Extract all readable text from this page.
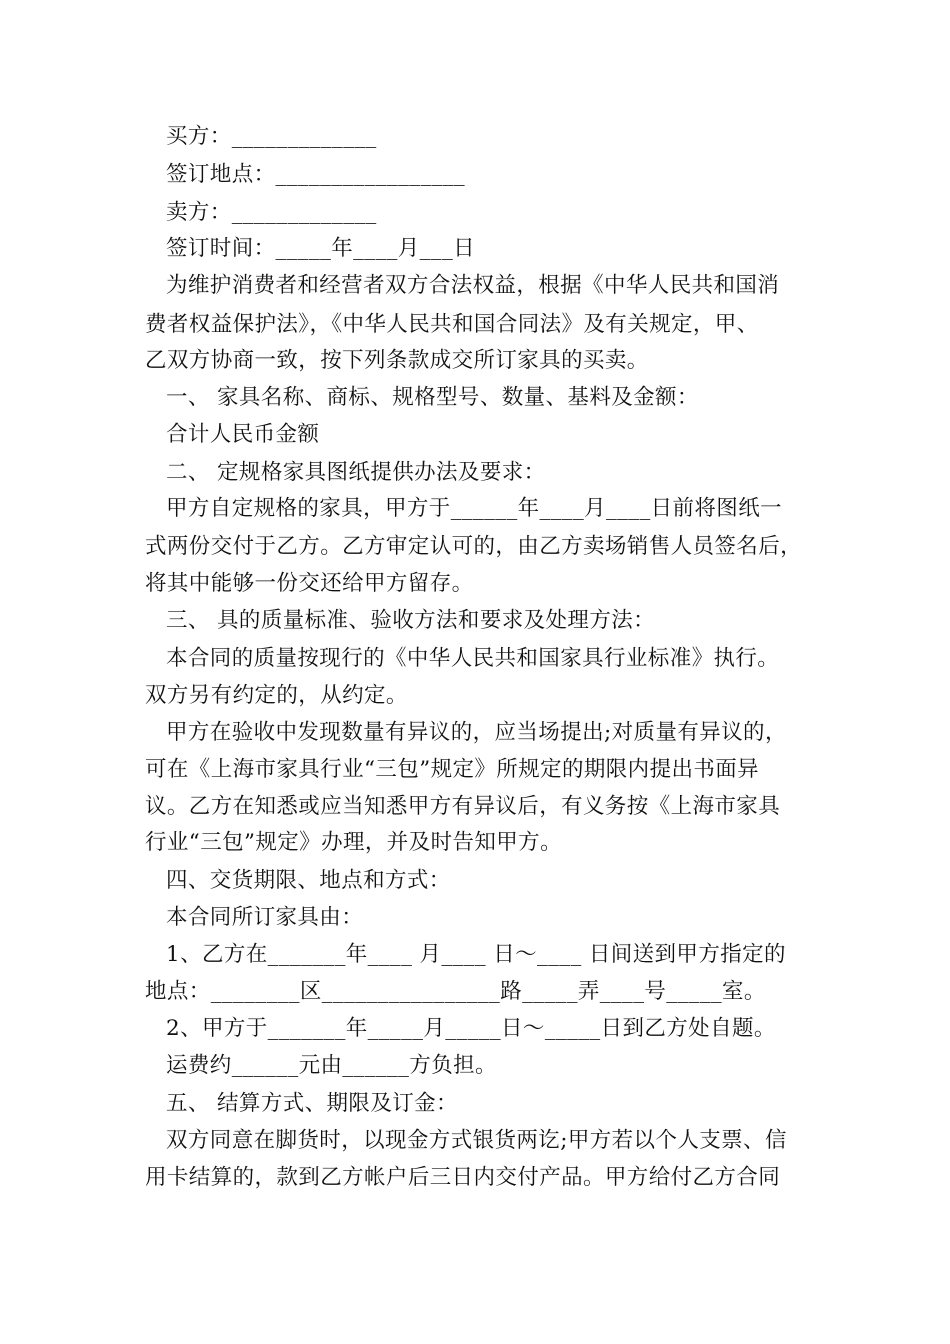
买方：_____________
签订地点：_________________
卖方：_____________
签订时间：_____年____月___日
为维护消费者和经营者双方合法权益，根据《中华人民共和国消
费者权益保护法》，《中华人民共和国合同法》及有关规定，甲、
乙双方协商一致，按下列条款成交所订家具的买卖。
一、 家具名称、商标、规格型号、数量、基料及金额：
合计人民币金额
二、 定规格家具图纸提供办法及要求：
甲方自定规格的家具，甲方于______年____月____日前将图纸一
式两份交付于乙方。乙方审定认可的，由乙方卖场销售人员签名后，
将其中能够一份交还给甲方留存。
三、 具的质量标准、验收方法和要求及处理方法：
本合同的质量按现行的《中华人民共和国家具行业标准》执行。
双方另有约定的，从约定。
甲方在验收中发现数量有异议的，应当场提出;对质量有异议的，
可在《上海市家具行业“三包”规定》所规定的期限内提出书面异
议。乙方在知悉或应当知悉甲方有异议后，有义务按《上海市家具
行业“三包”规定》办理，并及时告知甲方。
四、交货期限、地点和方式：
本合同所订家具由：
1、乙方在_______年____ 月____ 日～____ 日间送到甲方指定的
地点：________区________________路_____弄____号_____室。
2、甲方于_______年_____月_____日～_____日到乙方处自题。
运费约______元由______方负担。
五、 结算方式、期限及订金：
双方同意在脚货时，以现金方式银货两讫;甲方若以个人支票、信
用卡结算的，款到乙方帐户后三日内交付产品。甲方给付乙方合同
